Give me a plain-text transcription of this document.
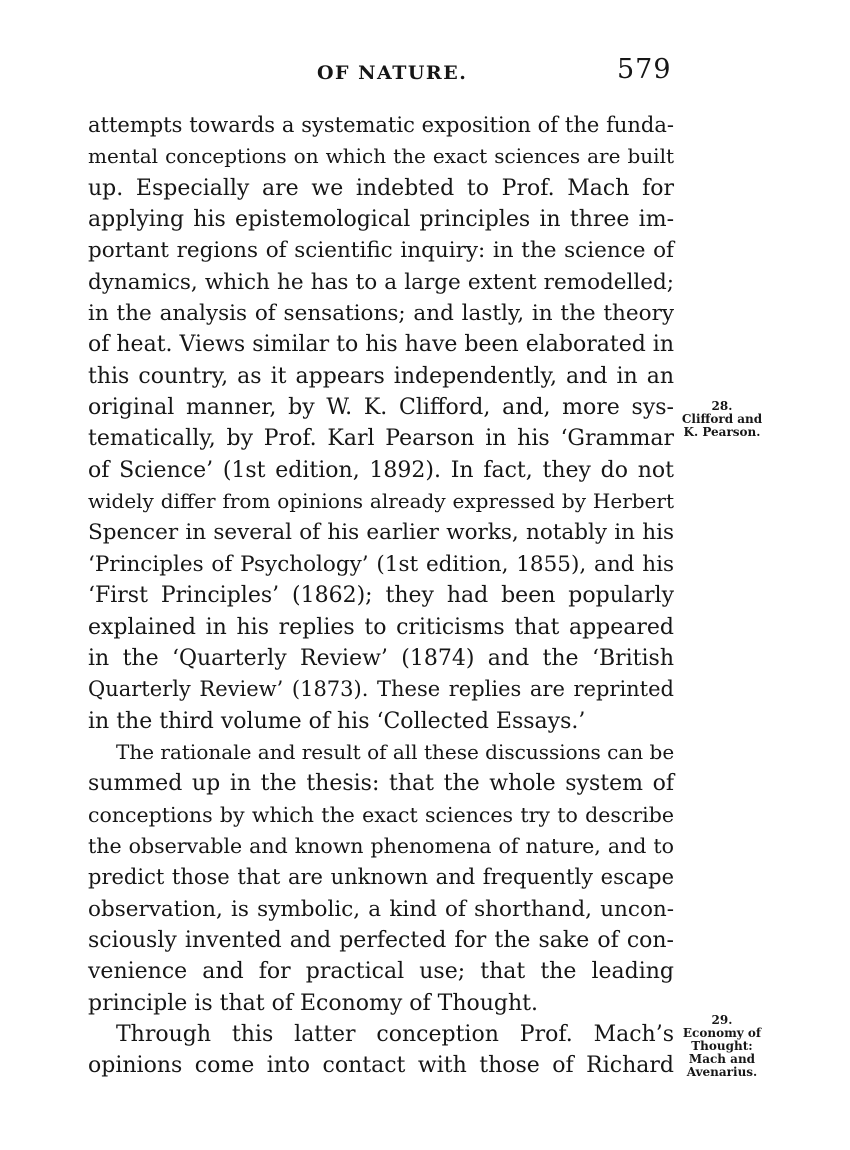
OF NATURE.	579
attempts towards a systematic exposition of the funda-
mental conceptions on which the exact sciences are built
up. Especially are we indebted to Prof. Mach for
applying his epistemological principles in three im-
portant regions of scientific inquiry: in the science of
dynamics, which he has to a large extent remodelled;
in the analysis of sensations; and lastly, in the theory
of heat. Views similar to his have been elaborated in
this country, as it appears independently, and in an
original manner, by W. K. Clifford, and, more sys-
tematically, by Prof. Karl Pearson in his ‘Grammar
of Science’ (1st edition, 1892). In fact, they do not
widely differ from opinions already expressed by Herbert
Spencer in several of his earlier works, notably in his
‘Principles of Psychology’ (1st edition, 1855), and his
‘First Principles’ (1862); they had been popularly
explained in his replies to criticisms that appeared
in the ‘Quarterly Review’ (1874) and the ‘British
Quarterly Review’ (1873). These replies are reprinted
in the third volume of his ‘Collected Essays.’
The rationale and result of all these discussions can be
summed up in the thesis: that the whole system of
conceptions by which the exact sciences try to describe
the observable and known phenomena of nature, and to
predict those that are unknown and frequently escape
observation, is symbolic, a kind of shorthand, uncon-
sciously invented and perfected for the sake of con-
venience and for practical use; that the leading
principle is that of Economy of Thought.
Through this latter conception Prof. Mach’s
opinions come into contact with those of Richard
28.
Clifford and
K. Pearson.
29.
Economy of
Thought:
Mach and
Avenarius.
